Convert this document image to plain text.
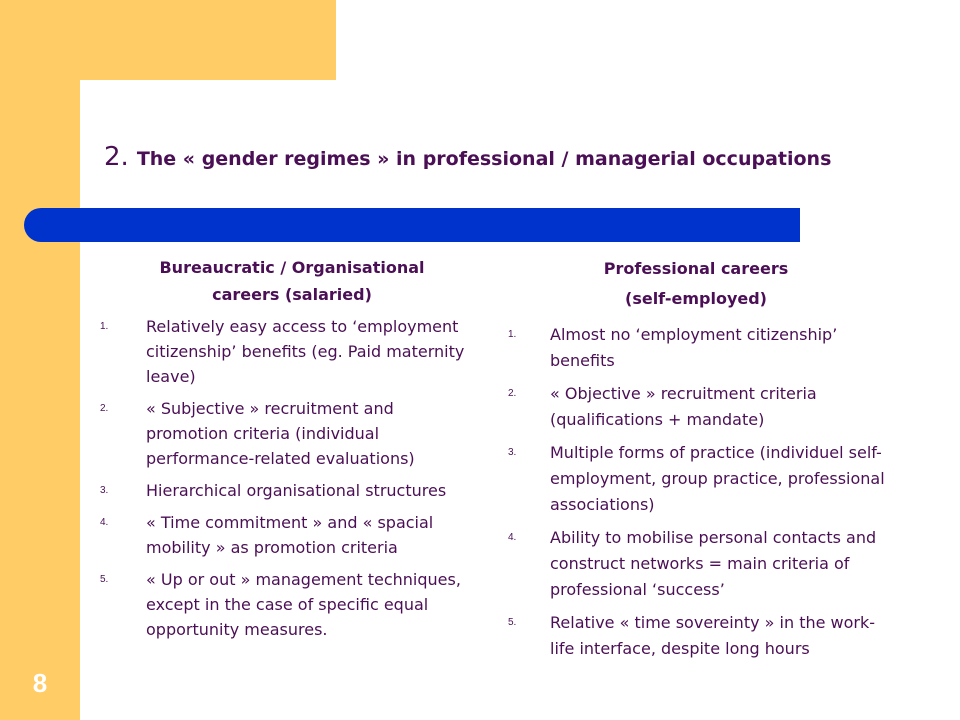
8
2. The « gender regimes » in professional / managerial occupations
Bureaucratic / Organisational
careers (salaried)
1. Relatively easy access to ‘employment citizenship’ benefits (eg. Paid maternity leave)
2. « Subjective » recruitment and promotion criteria (individual performance-related evaluations)
3. Hierarchical organisational structures
4. « Time commitment » and « spacial mobility » as promotion criteria
5. « Up or out » management techniques, except in the case of specific equal opportunity measures.
Professional careers
(self-employed)
1. Almost no ‘employment citizenship’ benefits
2. « Objective » recruitment criteria (qualifications + mandate)
3. Multiple forms of practice (individuel self-employment, group practice, professional associations)
4. Ability to mobilise personal contacts and construct networks = main criteria of professional ‘success’
5. Relative « time sovereinty » in the work-life interface, despite long hours
